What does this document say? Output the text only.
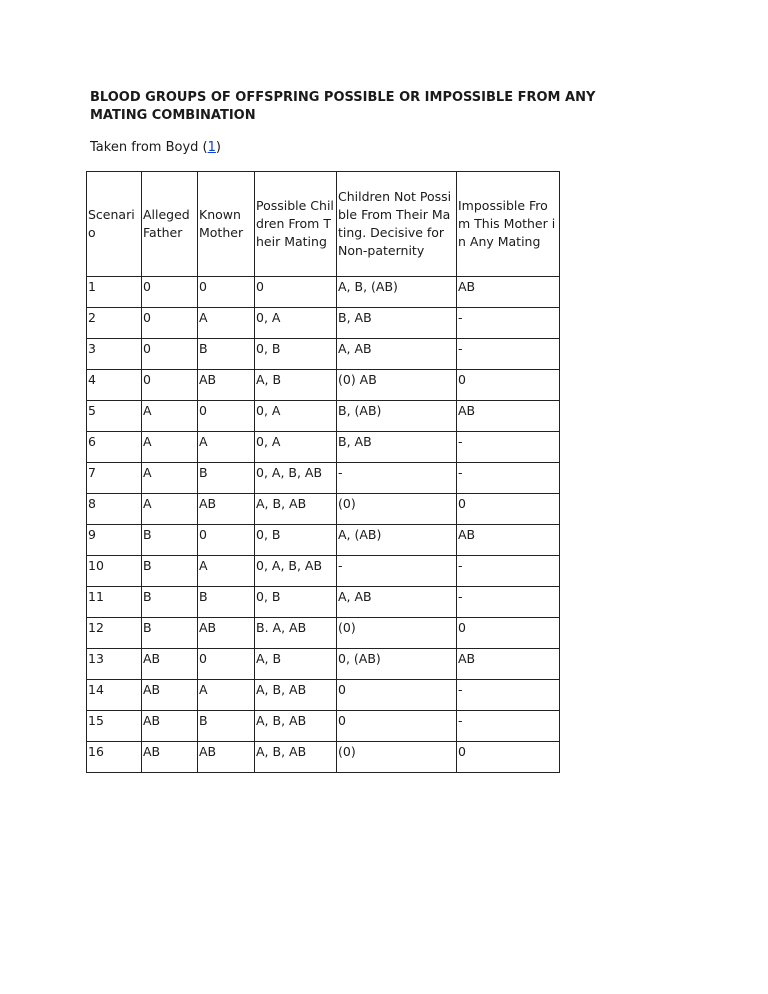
BLOOD GROUPS OF OFFSPRING POSSIBLE OR IMPOSSIBLE FROM ANY MATING COMBINATION
Taken from Boyd (1)
Scenario	Alleged Father	Known Mother	Possible Children From Their Mating	Children Not Possible From Their Mating. Decisive for Non-paternity	Impossible From This Mother in Any Mating

1	0	0	0	A, B, (AB)	AB

2	0	A	0, A	B, AB	-

3	0	B	0, B	A, AB	-

4	0	AB	A, B	(0) AB	0

5	A	0	0, A	B, (AB)	AB

6	A	A	0, A	B, AB	-

7	A	B	0, A, B, AB	-	-

8	A	AB	A, B, AB	(0)	0

9	B	0	0, B	A, (AB)	AB

10	B	A	0, A, B, AB	-	-

11	B	B	0, B	A, AB	-

12	B	AB	B. A, AB	(0)	0

13	AB	0	A, B	0, (AB)	AB

14	AB	A	A, B, AB	0	-

15	AB	B	A, B, AB	0	-

16	AB	AB	A, B, AB	(0)	0
